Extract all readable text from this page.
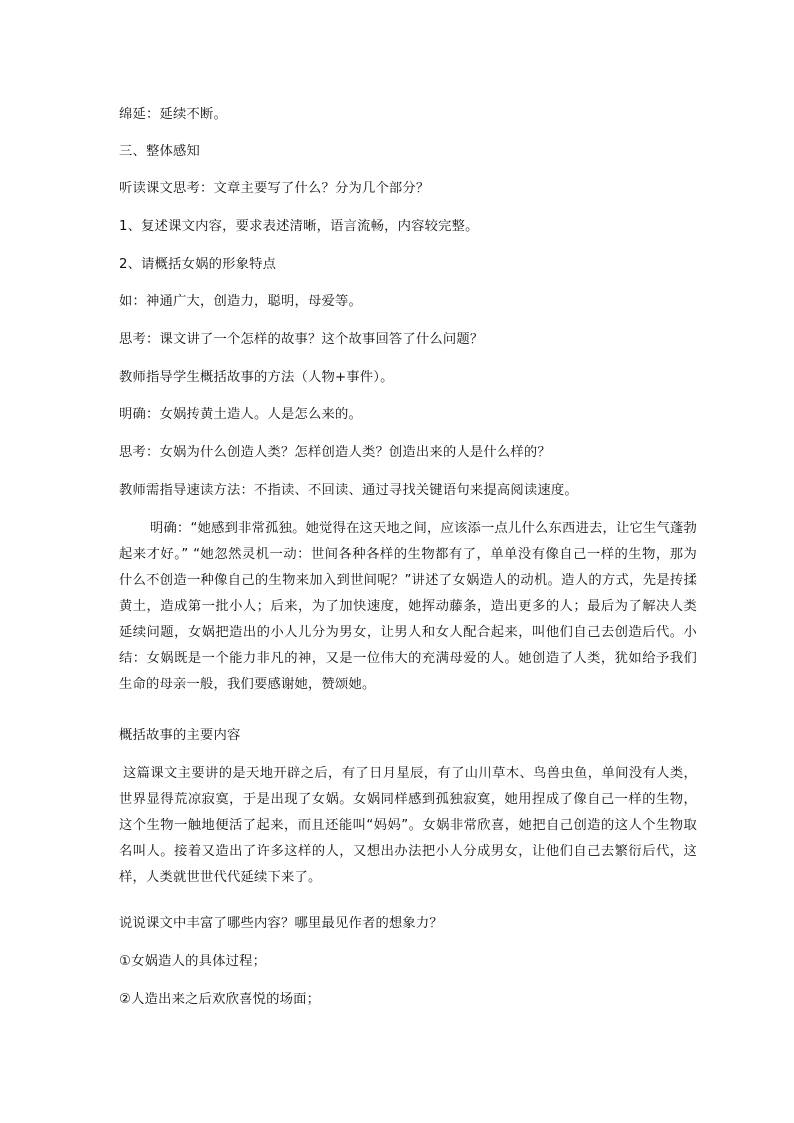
绵延：延续不断。
三、整体感知
听读课文思考：文章主要写了什么？分为几个部分？
1、复述课文内容，要求表述清晰，语言流畅，内容较完整。
2、请概括女娲的形象特点
如：神通广大，创造力，聪明，母爱等。
思考：课文讲了一个怎样的故事？这个故事回答了什么问题？
教师指导学生概括故事的方法（人物+事件）。
明确：女娲抟黄土造人。人是怎么来的。
思考：女娲为什么创造人类？怎样创造人类？创造出来的人是什么样的？
教师需指导速读方法：不指读、不回读、通过寻找关键语句来提高阅读速度。
明确：“她感到非常孤独。她觉得在这天地之间，应该添一点儿什么东西进去，让它生气蓬勃起来才好。” “她忽然灵机一动：世间各种各样的生物都有了，单单没有像自己一样的生物，那为什么不创造一种像自己的生物来加入到世间呢？”讲述了女娲造人的动机。造人的方式，先是抟揉黄土，造成第一批小人；后来，为了加快速度，她挥动藤条，造出更多的人；最后为了解决人类延续问题，女娲把造出的小人儿分为男女，让男人和女人配合起来，叫他们自己去创造后代。小结：女娲既是一个能力非凡的神，又是一位伟大的充满母爱的人。她创造了人类，犹如给予我们生命的母亲一般，我们要感谢她，赞颂她。
概括故事的主要内容
这篇课文主要讲的是天地开辟之后，有了日月星辰，有了山川草木、鸟兽虫鱼，单间没有人类，世界显得荒凉寂寞，于是出现了女娲。女娲同样感到孤独寂寞，她用捏成了像自己一样的生物，这个生物一触地便活了起来，而且还能叫“妈妈”。女娲非常欣喜，她把自己创造的这人个生物取名叫人。接着又造出了许多这样的人，又想出办法把小人分成男女，让他们自己去繁衍后代，这样，人类就世世代代延续下来了。
说说课文中丰富了哪些内容？哪里最见作者的想象力？
①女娲造人的具体过程；
②人造出来之后欢欣喜悦的场面；
